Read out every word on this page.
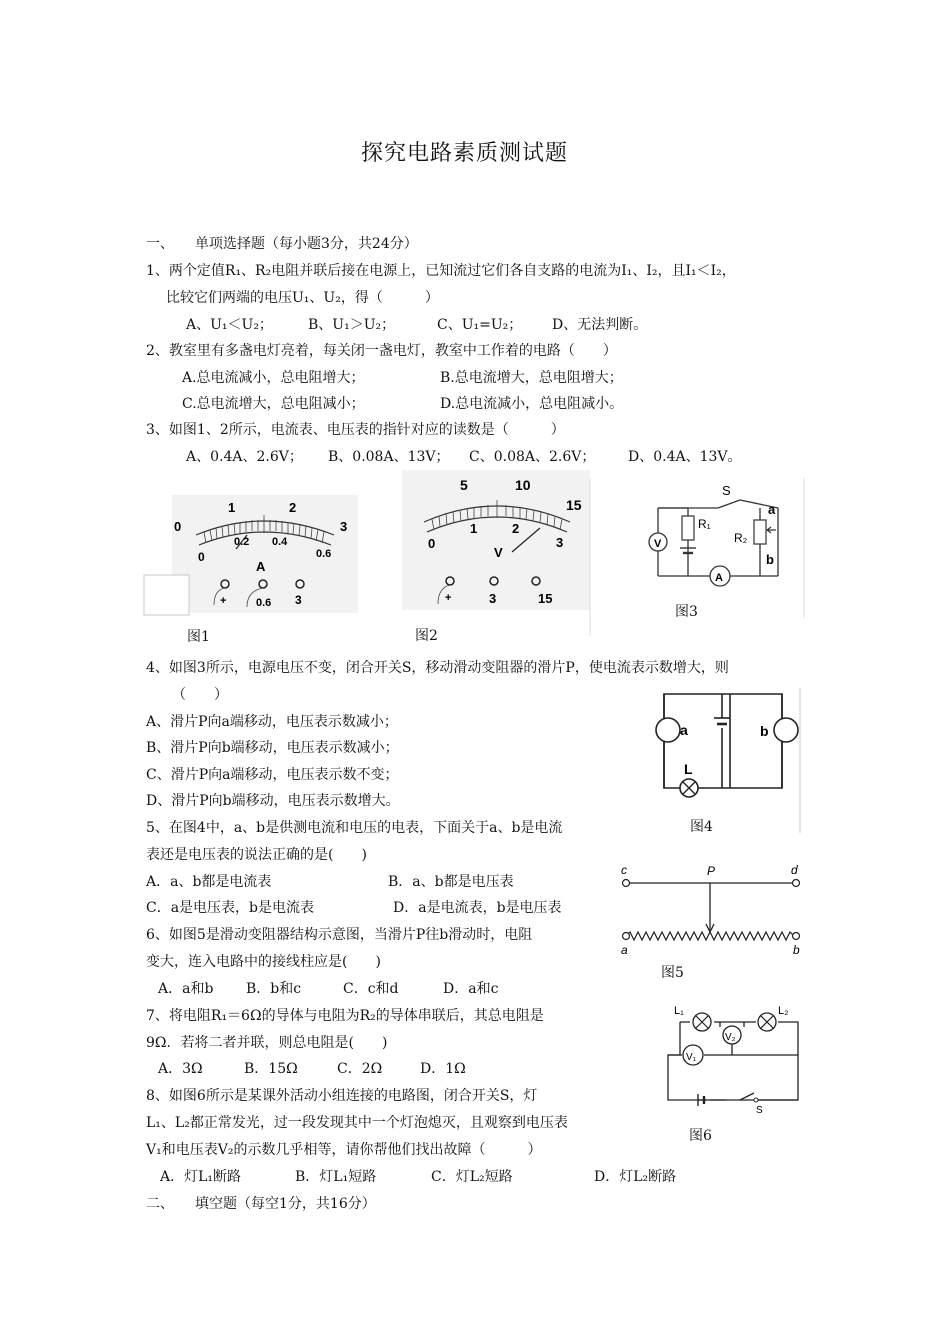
探究电路素质测试题
一、　　单项选择题（每小题3分，共24分）
1、两个定值R₁、R₂电阻并联后接在电源上，已知流过它们各自支路的电流为I₁、I₂，且I₁＜I₂，
比较它们两端的电压U₁、U₂，得（　　　）
A、U₁＜U₂；	B、U₁＞U₂；	C、U₁=U₂； D、无法判断。
2、教室里有多盏电灯亮着，每关闭一盏电灯，教室中工作着的电路（　　）
A.总电流减小，总电阻增大；	B.总电流增大，总电阻增大；
C.总电流增大，总电阻减小；	D.总电流减小，总电阻减小。
3、如图1、2所示，电流表、电压表的指针对应的读数是（　　　）
A、0.4A、2.6V； B、0.08A、13V； C、0.08A、2.6V； D、0.4A、13V。
0
1	2
3
0
0.2 0.4
0.6
A
+	0.6 3
图1
5	10
15
0
1	2
3
V
+	3	15
图2
V
A
S
R₁
R₂
a
b
图3
4、如图3所示，电源电压不变，闭合开关S，移动滑动变阻器的滑片P，使电流表示数增大，则
（　　）
A、滑片P向a端移动，电压表示数减小；
B、滑片P向b端移动，电压表示数减小；
C、滑片P向a端移动，电压表示数不变；
D、滑片P向b端移动，电压表示数增大。
a	b
L
图4
5、在图4中，a、b是供测电流和电压的电表，下面关于a、b是电流
表还是电压表的说法正确的是(　　)
A．a、b都是电流表	B．a、b都是电压表
C．a是电压表，b是电流表	D．a是电流表，b是电压表
c	P	d
a	b
图5
6、如图5是滑动变阻器结构示意图，当滑片P往b滑动时，电阻
变大，连入电路中的接线柱应是(　　)
A．a和b B．b和c	C．c和d	D．a和c
L₁	L₂
V₂
V₁
S
图6
7、将电阻R₁＝6Ω的导体与电阻为R₂的导体串联后，其总电阻是
9Ω．若将二者并联，则总电阻是(　　)
A．3Ω	B．15Ω	C．2Ω	D．1Ω
8、如图6所示是某课外活动小组连接的电路图，闭合开关S，灯
L₁、L₂都正常发光，过一段发现其中一个灯泡熄灭，且观察到电压表
V₁和电压表V₂的示数几乎相等，请你帮他们找出故障（　　　）
A．灯L₁断路	B．灯L₁短路	C．灯L₂短路	D．灯L₂断路
二、　　填空题（每空1分，共16分）
